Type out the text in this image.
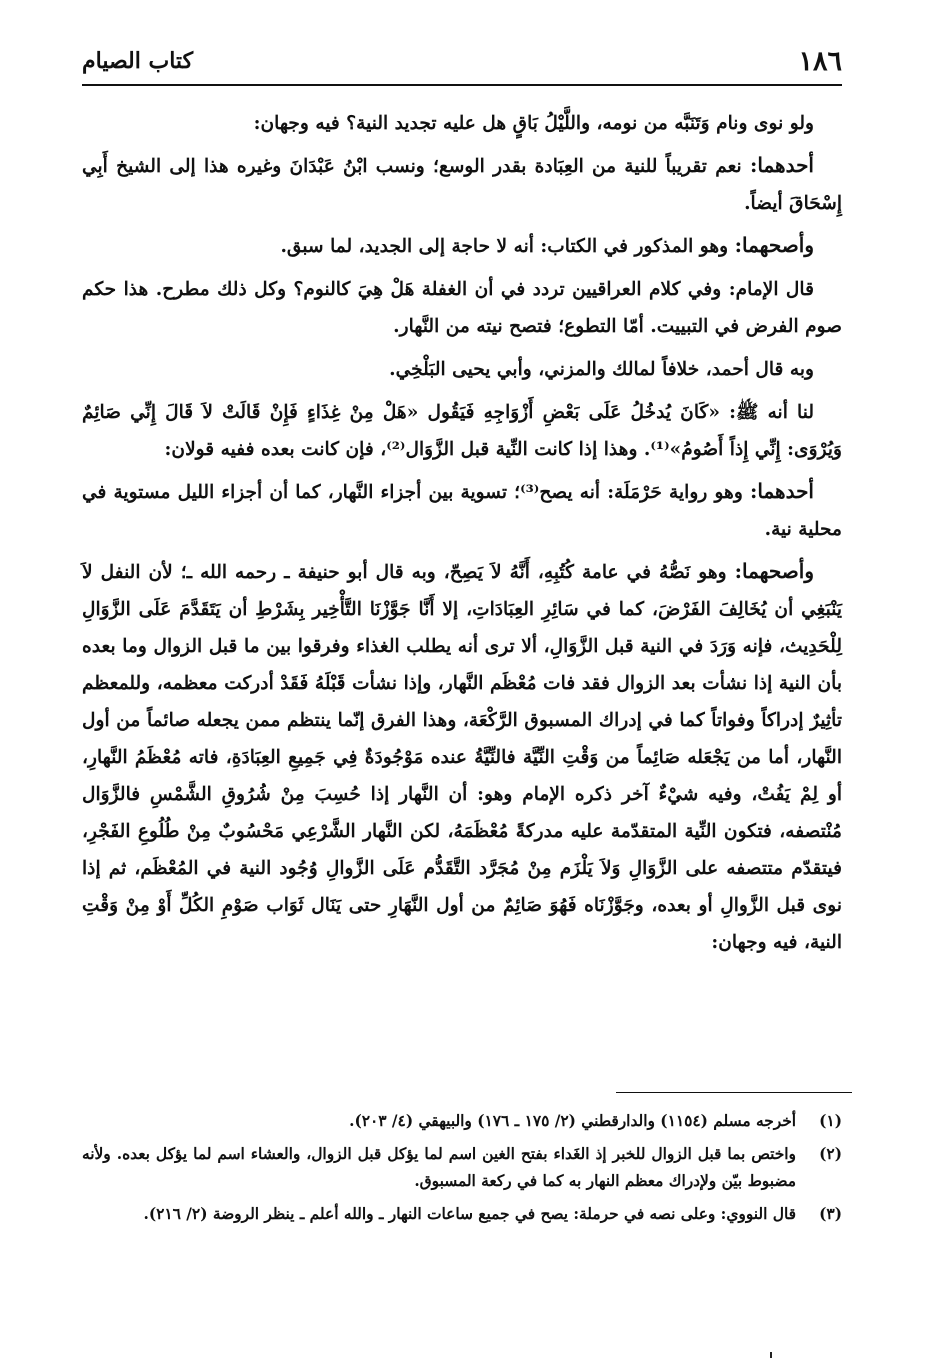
١٨٦
كتاب الصيام

ولو نوى ونام وَتَنَبَّه من نومه، واللَّيْلُ بَاقٍ هل عليه تجديد النية؟ فيه وجهان:

أحدهما: نعم تقريباً للنية من العِبَادة بقدر الوسع؛ ونسب ابْنُ عَبْدَانَ وغيره هذا إلى الشيخ أَبِي إِسْحَاقَ أيضاً.

وأصحهما: وهو المذكور في الكتاب: أنه لا حاجة إلى الجديد، لما سبق.

قال الإمام: وفي كلام العراقيين تردد في أن الغفلة هَلْ هِيَ كالنوم؟ وكل ذلك مطرح. هذا حكم صوم الفرض في التبييت. أمّا التطوع؛ فتصح نيته من النَّهار.

وبه قال أحمد، خلافاً لمالك والمزني، وأبي يحيى البَلْخِي.

لنا أنه ﷺ: «كَانَ يُدخُلُ عَلَى بَعْضِ أَزْوَاجِهِ فَيَقُول «هَلْ مِنْ غِذَاءٍ فَإِنْ قَالَتْ لاَ قَالَ إِنِّي صَائِمٌ وَيُرْوَى: إِنِّي إِذاً أَصُومُ»⁽¹⁾. وهذا إذا كانت النِّية قبل الزَّوَال⁽²⁾، فإن كانت بعده ففيه قولان:

أحدهما: وهو رواية حَرْمَلَة: أنه يصح⁽³⁾؛ تسوية بين أجزاء النَّهار، كما أن أجزاء الليل مستوية في محلية نية.

وأصحهما: وهو نَصُّهُ في عامة كُتُبِهِ، أَنَّهُ لاَ يَصِحّ، وبه قال أبو حنيفة ـ رحمه الله ـ؛ لأن النفل لاَ يَنْبَغِي أن يُخَالِفَ الفَرْضَ، كما في سَائِرِ العِبَادَاتِ، إلا أَنَّا جَوَّزْنَا التَّأْخِير بِشَرْطِ أن يَتَقَدَّمَ عَلَى الزَّوَالِ لِلْحَدِيث، فإنه وَرَدَ في النية قبل الزَّوَالِ، ألا ترى أنه يطلب الغذاء وفرقوا بين ما قبل الزوال وما بعده بأن النية إذا نشأت بعد الزوال فقد فات مُعْظَم النَّهار، وإذا نشأت قَبْلَهُ فَقَدْ أدركت معظمه، وللمعظم تأثِيرٌ إدراكاً وفواتاً كما في إدراك المسبوق الرَّكْعَة، وهذا الفرق إنّما ينتظم ممن يجعله صائماً من أول النَّهار، أما من يَجْعَله صَائِماً من وَقْتِ النِّيَّة فالنِّيَّةُ عنده مَوْجُودَةٌ فِي جَمِيعِ العِبَادَةِ، فاته مُعْظَمُ النَّهارِ، أو لِمْ يَفُتْ، وفيه شيْءٌ آخر ذكره الإمام وهو: أن النَّهار إذا حُسِبَ مِنْ شُرُوقِ الشَّمْسِ فالزَّوَال مُنْتصفه، فتكون النِّية المتقدّمة عليه مدركةً مُعْظَمَهُ، لكن النَّهار الشَّرْعِي مَحْسُوبٌ مِنْ طُلُوعِ الفَجْرِ، فيتقدّم متتصفه على الزَّوَالِ وَلاَ يَلْزَم مِنْ مُجَرَّد التَّقَدُّم عَلَى الزَّوالِ وُجُود النية في المُعْظَم، ثم إذا نوى قبل الزَّوالِ أو بعده، وجَوَّزْنَاه فَهُوَ صَائِمٌ من أول النَّهَارِ حتى يَنَال ثَوَاب صَوْمِ الكُلِّ أَوْ مِنْ وَقْتِ النية، فيه وجهان:

(١)
أخرجه مسلم (١١٥٤) والدارقطني (٢/ ١٧٥ ـ ١٧٦) والبيهقي (٤/ ٢٠٣).
(٢)
واختص بما قبل الزوال للخبر إذ الغَداء بفتح الغين اسم لما يؤكل قبل الزوال، والعشاء اسم لما يؤكل بعده. ولأنه مضبوط بيّن ولإدراك معظم النهار به كما في ركعة المسبوق.
(٣)
قال النووي: وعلى نصه في حرملة: يصح في جميع ساعات النهار ـ والله أعلم ـ ينظر الروضة (٢/ ٢١٦).
